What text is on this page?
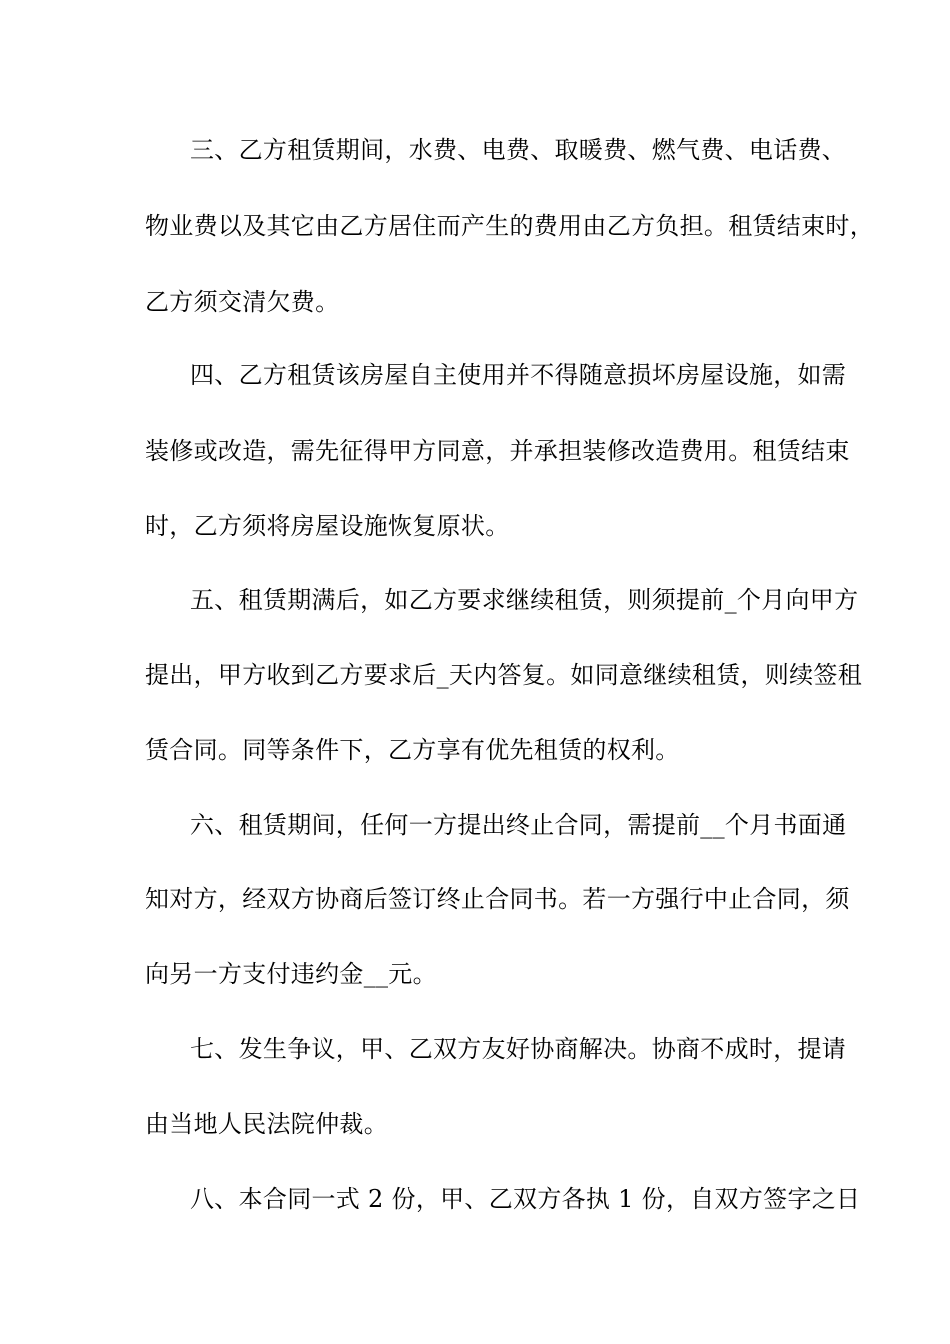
三、乙方租赁期间，水费、电费、取暖费、燃气费、电话费、
物业费以及其它由乙方居住而产生的费用由乙方负担。租赁结束时，
乙方须交清欠费。
四、乙方租赁该房屋自主使用并不得随意损坏房屋设施，如需
装修或改造，需先征得甲方同意，并承担装修改造费用。租赁结束
时，乙方须将房屋设施恢复原状。
五、租赁期满后，如乙方要求继续租赁，则须提前_个月向甲方
提出，甲方收到乙方要求后_天内答复。如同意继续租赁，则续签租
赁合同。同等条件下，乙方享有优先租赁的权利。
六、租赁期间，任何一方提出终止合同，需提前__个月书面通
知对方，经双方协商后签订终止合同书。若一方强行中止合同，须
向另一方支付违约金__元。
七、发生争议，甲、乙双方友好协商解决。协商不成时，提请
由当地人民法院仲裁。
八、本合同一式 2 份，甲、乙双方各执 1 份，自双方签字之日
